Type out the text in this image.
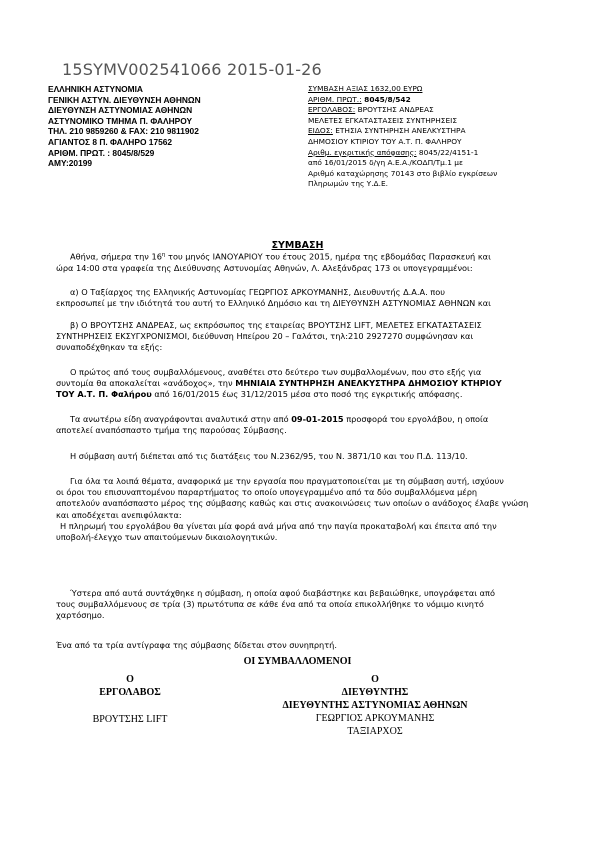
15SYMV002541066 2015-01-26
ΕΛΛΗΝΙΚΗ ΑΣΤΥΝΟΜΙΑ
ΓΕΝΙΚΗ ΑΣΤΥΝ. ΔΙΕΥΘΥΝΣΗ ΑΘΗΝΩΝ
ΔΙΕΥΘΥΝΣΗ ΑΣΤΥΝΟΜΙΑΣ ΑΘΗΝΩΝ
ΑΣΤΥΝΟΜΙΚΟ ΤΜΗΜΑ Π. ΦΑΛΗΡΟΥ
ΤΗΛ. 210 9859260 & FAX: 210 9811902
ΑΓΙΑΝΤΟΣ 8 Π. ΦΑΛΗΡΟ 17562
ΑΡΙΘΜ. ΠΡΩΤ. : 8045/8/529
ΑΜΥ:20199
ΣΥΜΒΑΣΗ ΑΞΙΑΣ 1632,00 ΕΥΡΩ
ΑΡΙΘΜ. ΠΡΩΤ.: 8045/8/542
ΕΡΓΟΛΑΒΟΣ: ΒΡΟΥΤΣΗΣ ΑΝΔΡΕΑΣ
ΜΕΛΕΤΕΣ ΕΓΚΑΤΑΣΤΑΣΕΙΣ ΣΥΝΤΗΡΗΣΕΙΣ
ΕΙΔΟΣ: ΕΤΗΣΙΑ ΣΥΝΤΗΡΗΣΗ ΑΝΕΛΚΥΣΤΗΡΑ
ΔΗΜΟΣΙΟΥ ΚΤΙΡΙΟΥ ΤΟΥ Α.Τ. Π. ΦΑΛΗΡΟΥ
Αριθμ. εγκριτικής απόφασης: 8045/22/4151-1
από 16/01/2015 δ/γη Α.Ε.Α./ΚΟΔΠ/Τμ.1 με
Αριθμό καταχώρησης 70143 στο βιβλίο εγκρίσεων
Πληρωμών της Υ.Δ.Ε.
ΣΥΜΒΑΣΗ
Αθήνα, σήμερα την $16^\eta$ του μηνός ΙΑΝΟΥΑΡΙΟΥ του έτους 2015, ημέρα της εβδομάδας Παρασκευή και
ώρα 14:00 στα γραφεία της Διεύθυνσης Αστυνομίας Αθηνών, Λ. Αλεξάνδρας 173 οι υπογεγραμμένοι:
α) Ο Ταξίαρχος της Ελληνικής Αστυνομίας ΓΕΩΡΓΙΟΣ ΑΡΚΟΥΜΑΝΗΣ, Διευθυντής Δ.Α.Α. που
εκπροσωπεί με την ιδιότητά του αυτή το Ελληνικό Δημόσιο και τη ΔΙΕΥΘΥΝΣΗ ΑΣΤΥΝΟΜΙΑΣ ΑΘΗΝΩΝ και
β) Ο ΒΡΟΥΤΣΗΣ ΑΝΔΡΕΑΣ, ως εκπρόσωπος της εταιρείας ΒΡΟΥΤΣΗΣ LIFT, ΜΕΛΕΤΕΣ ΕΓΚΑΤΑΣΤΑΣΕΙΣ
ΣΥΝΤΗΡΗΣΕΙΣ ΕΚΣΥΓΧΡΟΝΙΣΜΟΙ, διεύθυνση Ηπείρου 20 – Γαλάτσι, τηλ:210 2927270 συμφώνησαν και
συναποδέχθηκαν τα εξής:
Ο πρώτος από τους συμβαλλόμενους, αναθέτει στο δεύτερο των συμβαλλομένων, που στο εξής για
συντομία θα αποκαλείται «ανάδοχος», την ΜΗΝΙΑΙΑ ΣΥΝΤΗΡΗΣΗ ΑΝΕΛΚΥΣΤΗΡΑ ΔΗΜΟΣΙΟΥ ΚΤΗΡΙΟΥ
ΤΟΥ Α.Τ. Π. Φαλήρου από 16/01/2015 έως 31/12/2015 μέσα στο ποσό της εγκριτικής απόφασης.
Τα ανωτέρω είδη αναγράφονται αναλυτικά στην από 09-01-2015 προσφορά του εργολάβου, η οποία
αποτελεί αναπόσπαστο τμήμα της παρούσας Σύμβασης.
Η σύμβαση αυτή διέπεται από τις διατάξεις του Ν.2362/95, του Ν. 3871/10 και του Π.Δ. 113/10.
Για όλα τα λοιπά θέματα, αναφορικά με την εργασία που πραγματοποιείται με τη σύμβαση αυτή, ισχύουν
οι όροι του επισυναπτομένου παραρτήματος το οποίο υπογεγραμμένο από τα δύο συμβαλλόμενα μέρη
αποτελούν αναπόσπαστο μέρος της σύμβασης καθώς και στις ανακοινώσεις των οποίων ο ανάδοχος έλαβε γνώση
και αποδέχεται ανεπιφύλακτα:
Η πληρωμή του εργολάβου θα γίνεται μία φορά ανά μήνα από την παγία προκαταβολή και έπειτα από την
υποβολή-έλεγχο των απαιτούμενων δικαιολογητικών.
Ύστερα από αυτά συντάχθηκε η σύμβαση, η οποία αφού διαβάστηκε και βεβαιώθηκε, υπογράφεται από
τους συμβαλλόμενους σε τρία (3) πρωτότυπα σε κάθε ένα από τα οποία επικολλήθηκε το νόμιμο κινητό
χαρτόσημο.
Ένα από τα τρία αντίγραφα της σύμβασης δίδεται στον συνηπρητή.
ΟΙ ΣΥΜΒΑΛΛΟΜΕΝΟΙ
Ο
ΕΡΓΟΛΑΒΟΣ
ΒΡΟΥΤΣΗΣ LIFT
Ο
ΔΙΕΥΘΥΝΤΗΣ
ΔΙΕΥΘΥΝΤΗΣ ΑΣΤΥΝΟΜΙΑΣ ΑΘΗΝΩΝ
ΓΕΩΡΓΙΟΣ ΑΡΚΟΥΜΑΝΗΣ
ΤΑΞΙΑΡΧΟΣ
